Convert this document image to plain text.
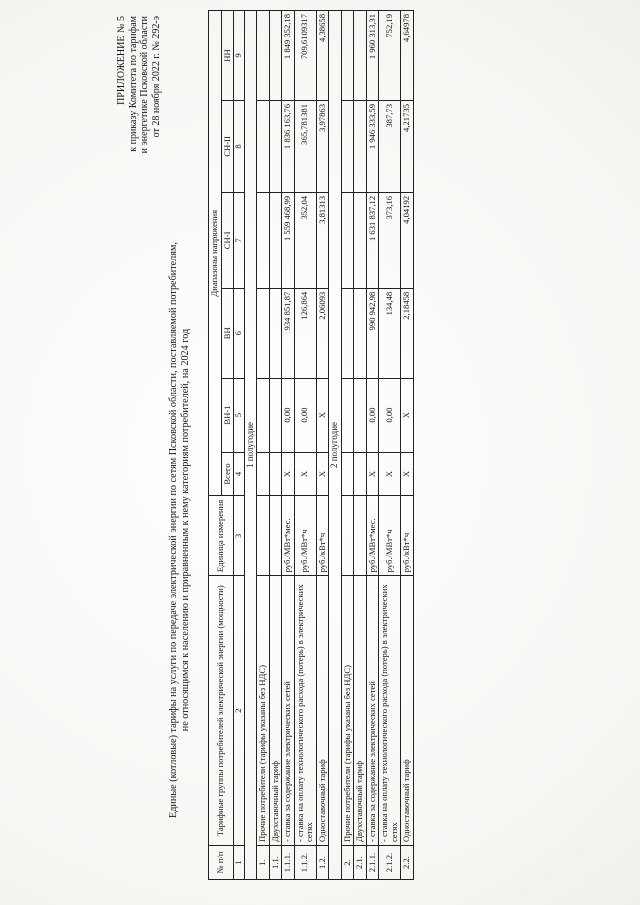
ПРИЛОЖЕНИЕ № 5 к приказу Комитета по тарифам и энергетике Псковской области от 28 ноября 2022 г. № 292-э
Единые (котловые) тарифы на услуги по передаче электрической энергии по сетям Псковской области, поставляемой потребителям, не относящимся к населению и приравненным к нему категориям потребителей, на 2024 год
№ п/п	Тарифные группы потребителей электрической энергии (мощности)	Единица измерения	Диапазоны напряжения					
			Всего	ВН-1	ВН	СН-I	СН-II	НН
1	2	3	4	5	6	7	8	9
1 полугодие								
1.	Прочие потребители (тарифы указаны без НДС)							
1.1.	Двухставочный тариф							
1.1.1.	- ставка за содержание электрических сетей	руб./МВт*мес.	X	0,00	934 851,87	1 559 468,99	1 836 163,76	1 849 352,18
1.1.2.	- ставка на оплату технологического расхода (потерь) в электрических сетях	руб./МВт*ч	X	0,00	126,864	352,04	365,781381	709,6109317
1.2.	Одноставочный тариф	руб./кВт*ч	X	X	2,06093	3,81313	3,97863	4,38658
2 полугодие								
2.	Прочие потребители (тарифы указаны без НДС)							
2.1.	Двухставочный тариф							
2.1.1.	- ставка за содержание электрических сетей	руб./МВт*мес.	X	0,00	990 942,98	1 631 837,12	1 946 333,59	1 960 313,31
2.1.2.	- ставка на оплату технологического расхода (потерь) в электрических сетях	руб./МВт*ч	X	0,00	134,48	373,16	387,73	752,19
2.2.	Одноставочный тариф	руб./кВт*ч	X	X	2,18458	4,04192	4,21735	4,64978
